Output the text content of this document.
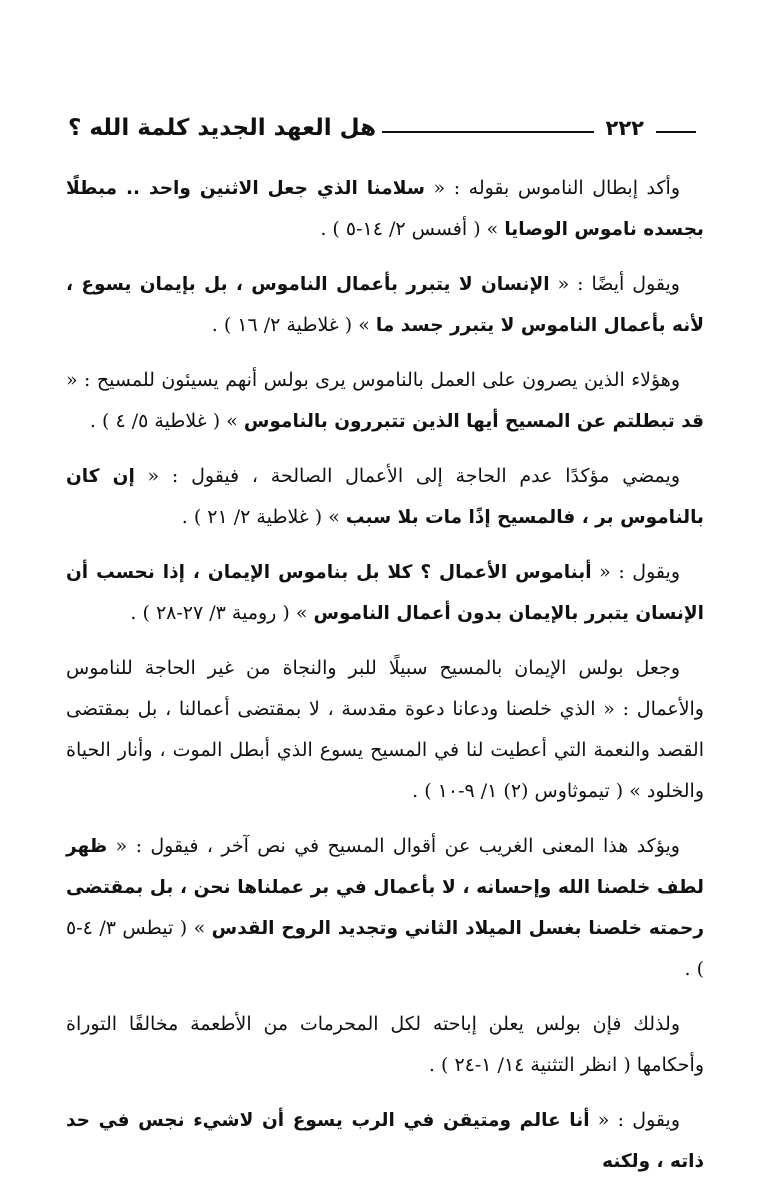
٢٢٢
هل العهد الجديد كلمة الله ؟

وأكد إبطال الناموس بقوله : « سلامنا الذي جعل الاثنين واحد .. مبطلًا بجسده ناموس الوصايا » ( أفسس ٢/ ١٤-٥ ) .

ويقول أيضًا : « الإنسان لا يتبرر بأعمال الناموس ، بل بإيمان يسوع ، لأنه بأعمال الناموس لا يتبرر جسد ما » ( غلاطية ٢/ ١٦ ) .

وهؤلاء الذين يصرون على العمل بالناموس يرى بولس أنهم يسيئون للمسيح : « قد تبطلتم عن المسيح أيها الذين تتبررون بالناموس » ( غلاطية ٥/ ٤ ) .

ويمضي مؤكدًا عدم الحاجة إلى الأعمال الصالحة ، فيقول : « إن كان بالناموس بر ، فالمسيح إذًا مات بلا سبب » ( غلاطية ٢/ ٢١ ) .

ويقول : « أبناموس الأعمال ؟ كلا بل بناموس الإيمان ، إذا نحسب أن الإنسان يتبرر بالإيمان بدون أعمال الناموس » ( رومية ٣/ ٢٧-٢٨ ) .

وجعل بولس الإيمان بالمسيح سبيلًا للبر والنجاة من غير الحاجة للناموس والأعمال : « الذي خلصنا ودعانا دعوة مقدسة ، لا بمقتضى أعمالنا ، بل بمقتضى القصد والنعمة التي أعطيت لنا في المسيح يسوع الذي أبطل الموت ، وأنار الحياة والخلود » ( تيموثاوس (٢) ١/ ٩-١٠ ) .

ويؤكد هذا المعنى الغريب عن أقوال المسيح في نص آخر ، فيقول : « ظهر لطف خلصنا الله وإحسانه ، لا بأعمال في بر عملناها نحن ، بل بمقتضى رحمته خلصنا بغسل الميلاد الثاني وتجديد الروح القدس » ( تيطس ٣/ ٤-٥ ) .

ولذلك فإن بولس يعلن إباحته لكل المحرمات من الأطعمة مخالفًا التوراة وأحكامها ( انظر التثنية ١٤/ ١-٢٤ ) .

ويقول : « أنا عالم ومتيقن في الرب يسوع أن لاشيء نجس في حد ذاته ، ولكنه
